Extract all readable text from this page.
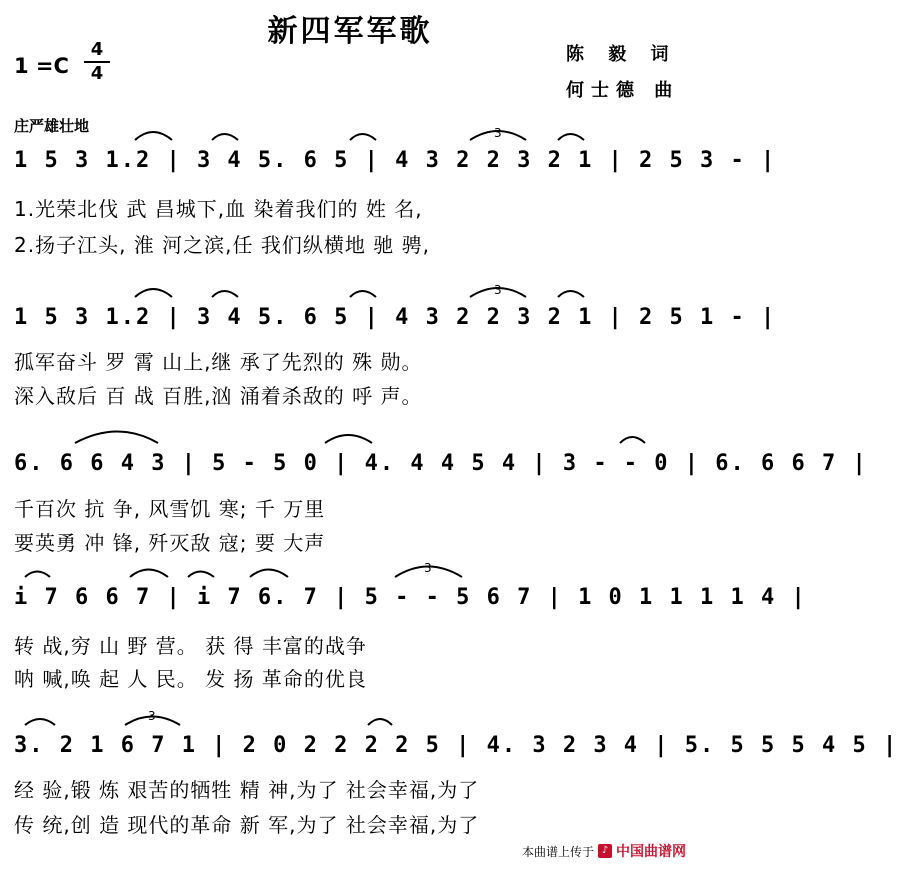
新四军军歌
1 =C
4
4
陈 毅 词
何士德 曲
庄严雄壮地
1 5 3 1.2 | 3 4 5. 6 5 | 4 3 2 2 3 2 1 | 2 5 3 - |
1.光荣北伐 武 昌城下,血 染着我们的 姓 名,
2.扬子江头, 淮 河之滨,任 我们纵横地 驰 骋,
1 5 3 1.2 | 3 4 5. 6 5 | 4 3 2 2 3 2 1 | 2 5 1 - |
孤军奋斗 罗 霄 山上,继 承了先烈的 殊 勋。
深入敌后 百 战 百胜,汹 涌着杀敌的 呼 声。
6. 6 6 4 3 | 5 - 5 0 | 4. 4 4 5 4 | 3 - - 0 | 6. 6 6 7 |
千百次 抗 争, 风雪饥 寒; 千 万里
要英勇 冲 锋, 歼灭敌 寇; 要 大声
i 7 6 6 7 | i 7 6. 7 | 5 - - 5 6 7 | 1 0 1 1 1 1 4 |
转 战,穷 山 野 营。 获 得 丰富的战争
呐 喊,唤 起 人 民。 发 扬 革命的优良
3. 2 1 6 7 1 | 2 0 2 2 2 2 5 | 4. 3 2 3 4 | 5. 5 5 5 4 5 |
经 验,锻 炼 艰苦的牺牲 精 神,为了 社会幸福,为了
传 统,创 造 现代的革命 新 军,为了 社会幸福,为了
3
3
3
3
本曲谱上传于 ♪ 中国曲谱网
